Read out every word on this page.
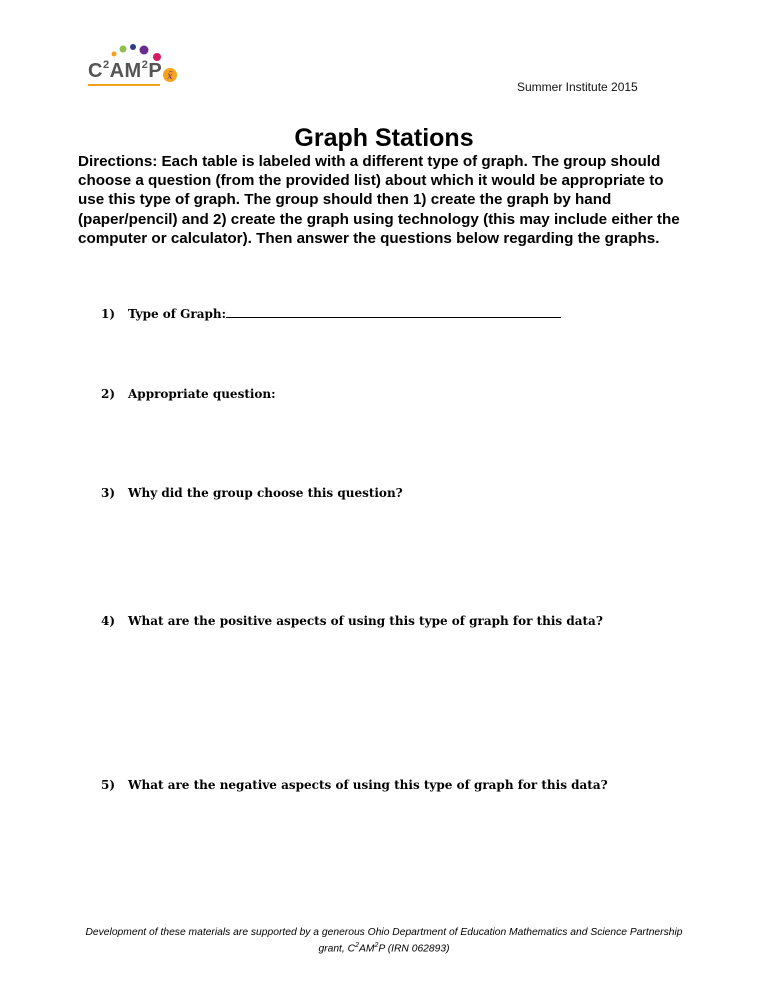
x̄
$C^2AM^2P$
Summer Institute 2015
Graph Stations
Directions: Each table is labeled with a different type of graph. The group should choose a question (from the provided list) about which it would be appropriate to use this type of graph. The group should then 1) create the graph by hand (paper/pencil) and 2) create the graph using technology (this may include either the computer or calculator). Then answer the questions below regarding the graphs.
1) Type of Graph:
2) Appropriate question:
3) Why did the group choose this question?
4) What are the positive aspects of using this type of graph for this data?
5) What are the negative aspects of using this type of graph for this data?
Development of these materials are supported by a generous Ohio Department of Education Mathematics and Science Partnership
grant, $C^2AM^2P$ (IRN 062893)
